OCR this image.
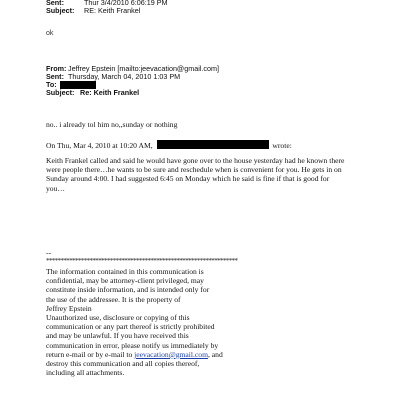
Sent:	Thur 3/4/2010 6:06:19 PM
Subject: RE: Keith Frankel
ok
From: Jeffrey Epstein [mailto:jeevacation@gmail.com]
Sent: Thursday, March 04, 2010 1:03 PM
To:
Subject: Re: Keith Frankel
no.. i already tol him no,,sunday or nothing
On Thu, Mar 4, 2010 at 10:20 AM,	wrote:
Keith Frankel called and said he would have gone over to the house yesterday had he known there
were people there…he wants to be sure and reschedule when is convenient for you. He gets in on
Sunday around 4:00. I had suggested 6:45 on Monday which he said is fine if that is good for
you…
--
******************************************************************
The information contained in this communication is
confidential, may be attorney-client privileged, may
constitute inside information, and is intended only for
the use of the addressee. It is the property of
Jeffrey Epstein
Unauthorized use, disclosure or copying of this
communication or any part thereof is strictly prohibited
and may be unlawful. If you have received this
communication in error, please notify us immediately by
return e-mail or by e-mail to jeevacation@gmail.com, and
destroy this communication and all copies thereof,
including all attachments.
